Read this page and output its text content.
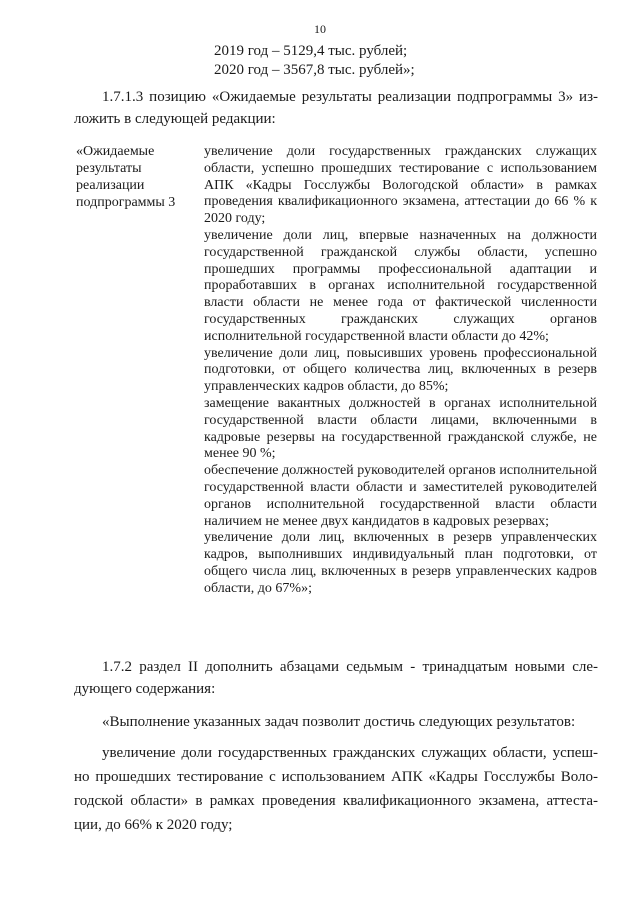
10
2019 год – 5129,4 тыс. рублей;
2020 год – 3567,8 тыс. рублей»;
1.7.1.3 позицию «Ожидаемые результаты реализации подпрограммы 3» из-ложить в следующей редакции:
«Ожидаемые результаты реализации подпрограммы 3

увеличение доли государственных гражданских служащих области, успешно прошедших тестирование с использованием АПК «Кадры Госслужбы Вологодской области» в рамках проведения квалификационного экзамена, аттестации до 66 % к 2020 году;

увеличение доли лиц, впервые назначенных на должности государственной гражданской службы области, успешно прошедших программы профессиональной адаптации и проработавших в органах исполнительной государственной власти области не менее года от фактической численности государственных гражданских служащих органов исполнительной государственной власти области до 42%;

увеличение доли лиц, повысивших уровень профессиональной подготовки, от общего количества лиц, включенных в резерв управленческих кадров области, до 85%;

замещение вакантных должностей в органах исполнительной государственной власти области лицами, включенными в кадровые резервы на государственной гражданской службе, не менее 90 %;

обеспечение должностей руководителей органов исполнительной государственной власти области и заместителей руководителей органов исполнительной государственной власти области наличием не менее двух кандидатов в кадровых резервах;

увеличение доли лиц, включенных в резерв управленческих кадров, выполнивших индивидуальный план подготовки, от общего числа лиц, включенных в резерв управленческих кадров области, до 67%»;

1.7.2 раздел II дополнить абзацами седьмым - тринадцатым новыми сле-дующего содержания:
«Выполнение указанных задач позволит достичь следующих результатов:
увеличение доли государственных гражданских служащих области, успеш-но прошедших тестирование с использованием АПК «Кадры Госслужбы Воло-годской области» в рамках проведения квалификационного экзамена, аттеста-ции, до 66% к 2020 году;
